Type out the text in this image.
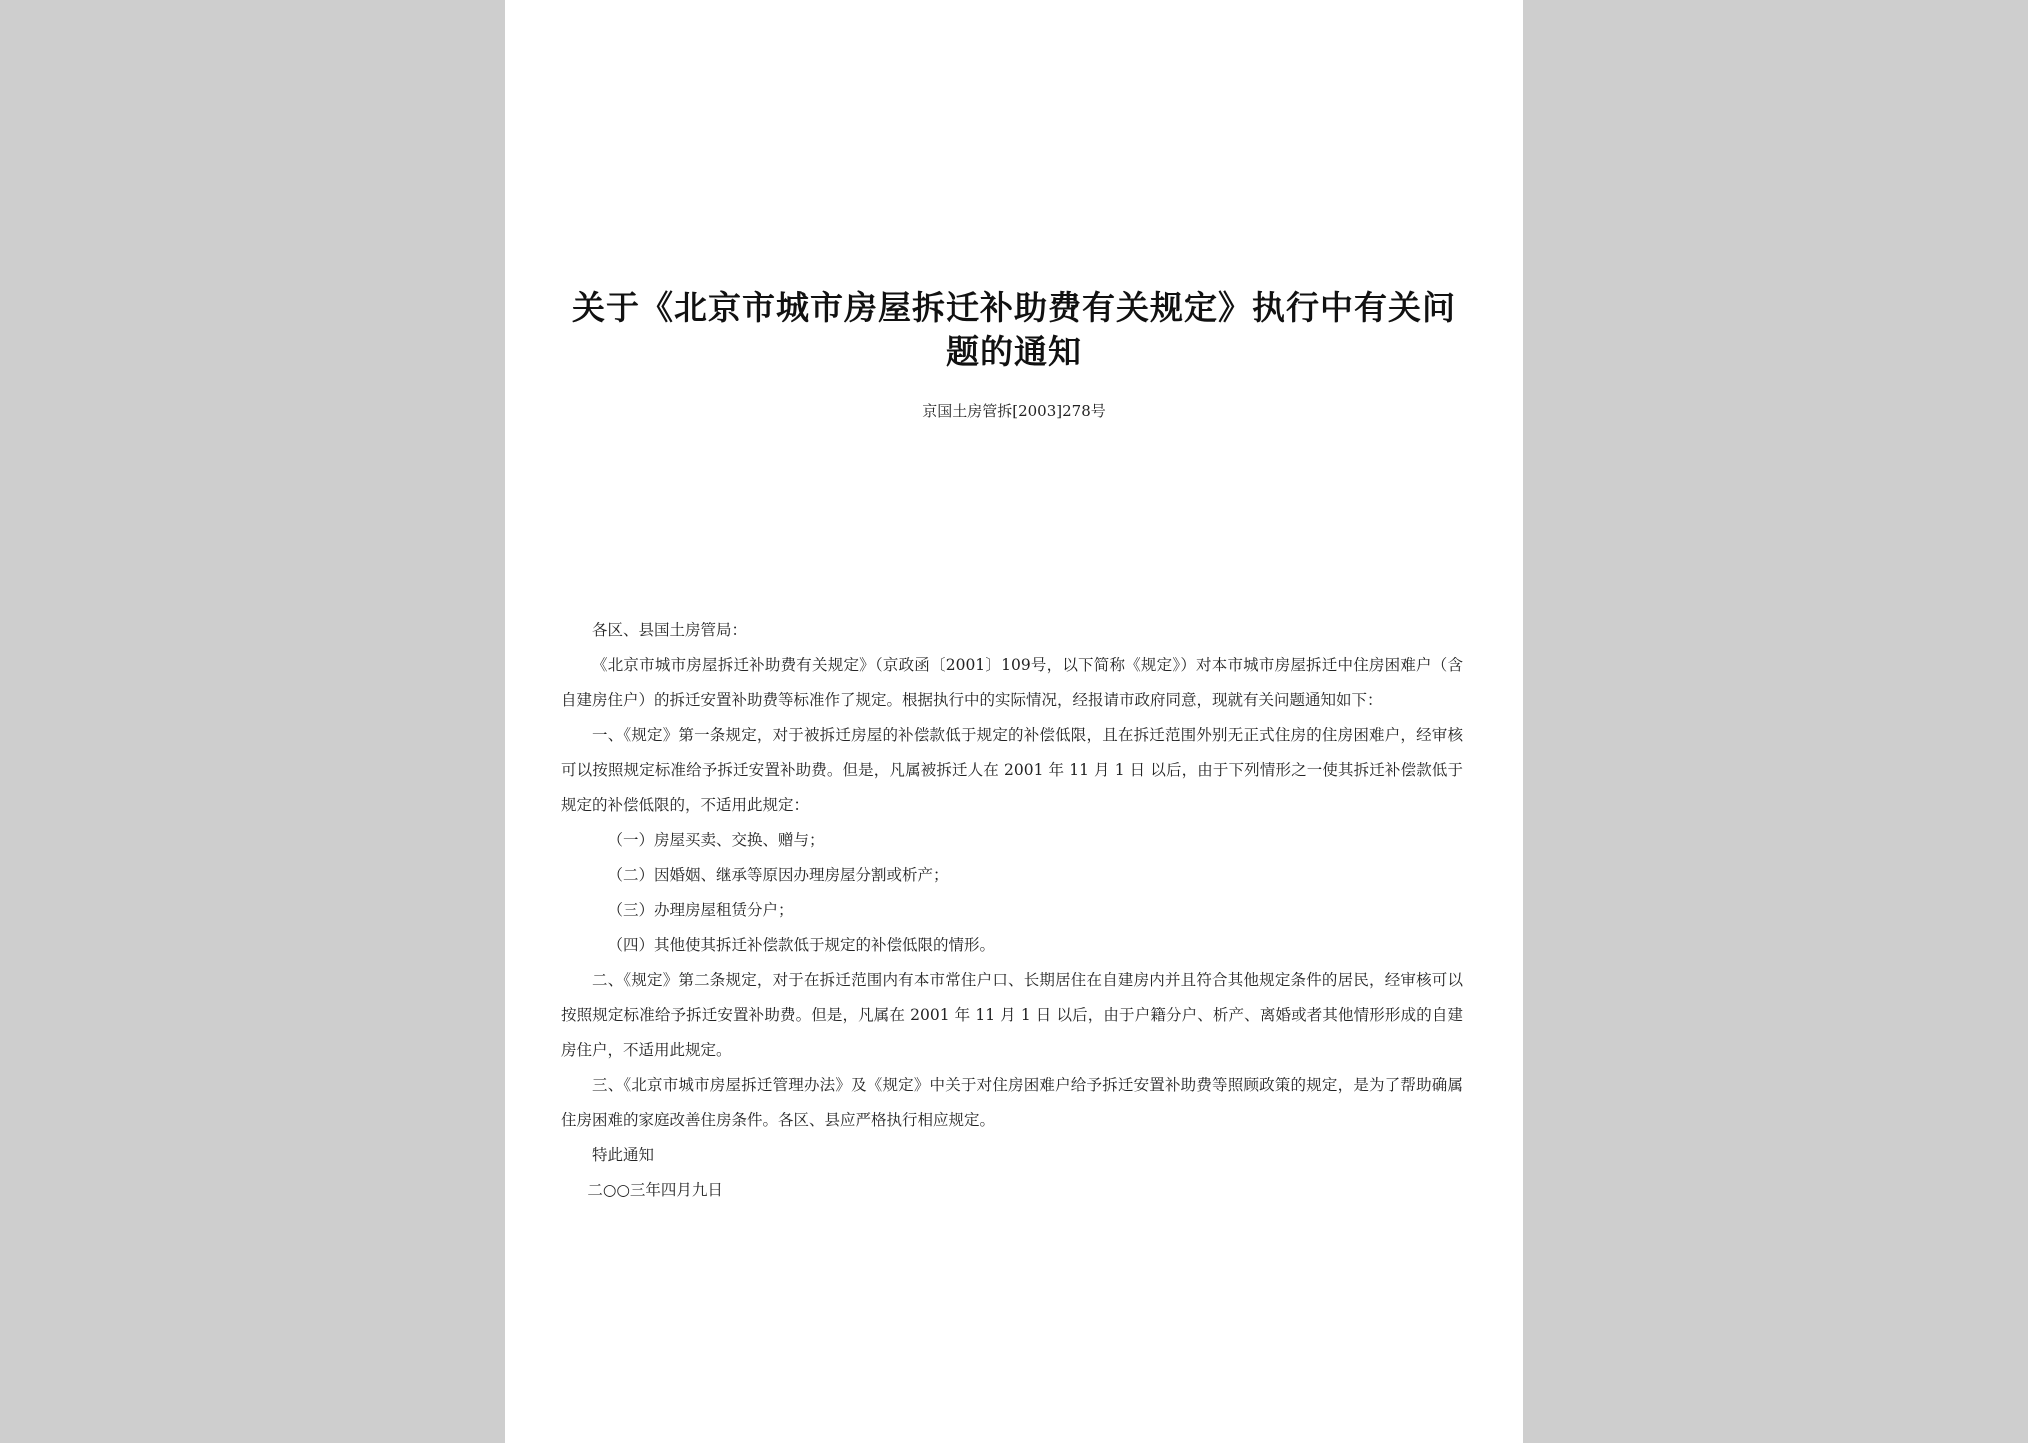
关于《北京市城市房屋拆迁补助费有关规定》执行中有关问题的通知
京国土房管拆[2003]278号

各区、县国土房管局：

《北京市城市房屋拆迁补助费有关规定》（京政函〔2001〕109号，以下简称《规定》）对本市城市房屋拆迁中住房困难户（含自建房住户）的拆迁安置补助费等标准作了规定。根据执行中的实际情况，经报请市政府同意，现就有关问题通知如下：

一、《规定》第一条规定，对于被拆迁房屋的补偿款低于规定的补偿低限，且在拆迁范围外别无正式住房的住房困难户，经审核可以按照规定标准给予拆迁安置补助费。但是，凡属被拆迁人在 2001 年 11 月 1 日 以后，由于下列情形之一使其拆迁补偿款低于规定的补偿低限的，不适用此规定：

（一）房屋买卖、交换、赠与；

（二）因婚姻、继承等原因办理房屋分割或析产；

（三）办理房屋租赁分户；

（四）其他使其拆迁补偿款低于规定的补偿低限的情形。

二、《规定》第二条规定，对于在拆迁范围内有本市常住户口、长期居住在自建房内并且符合其他规定条件的居民，经审核可以按照规定标准给予拆迁安置补助费。但是，凡属在 2001 年 11 月 1 日 以后，由于户籍分户、析产、离婚或者其他情形形成的自建房住户，不适用此规定。

三、《北京市城市房屋拆迁管理办法》及《规定》中关于对住房困难户给予拆迁安置补助费等照顾政策的规定，是为了帮助确属住房困难的家庭改善住房条件。各区、县应严格执行相应规定。

特此通知

二○○三年四月九日
